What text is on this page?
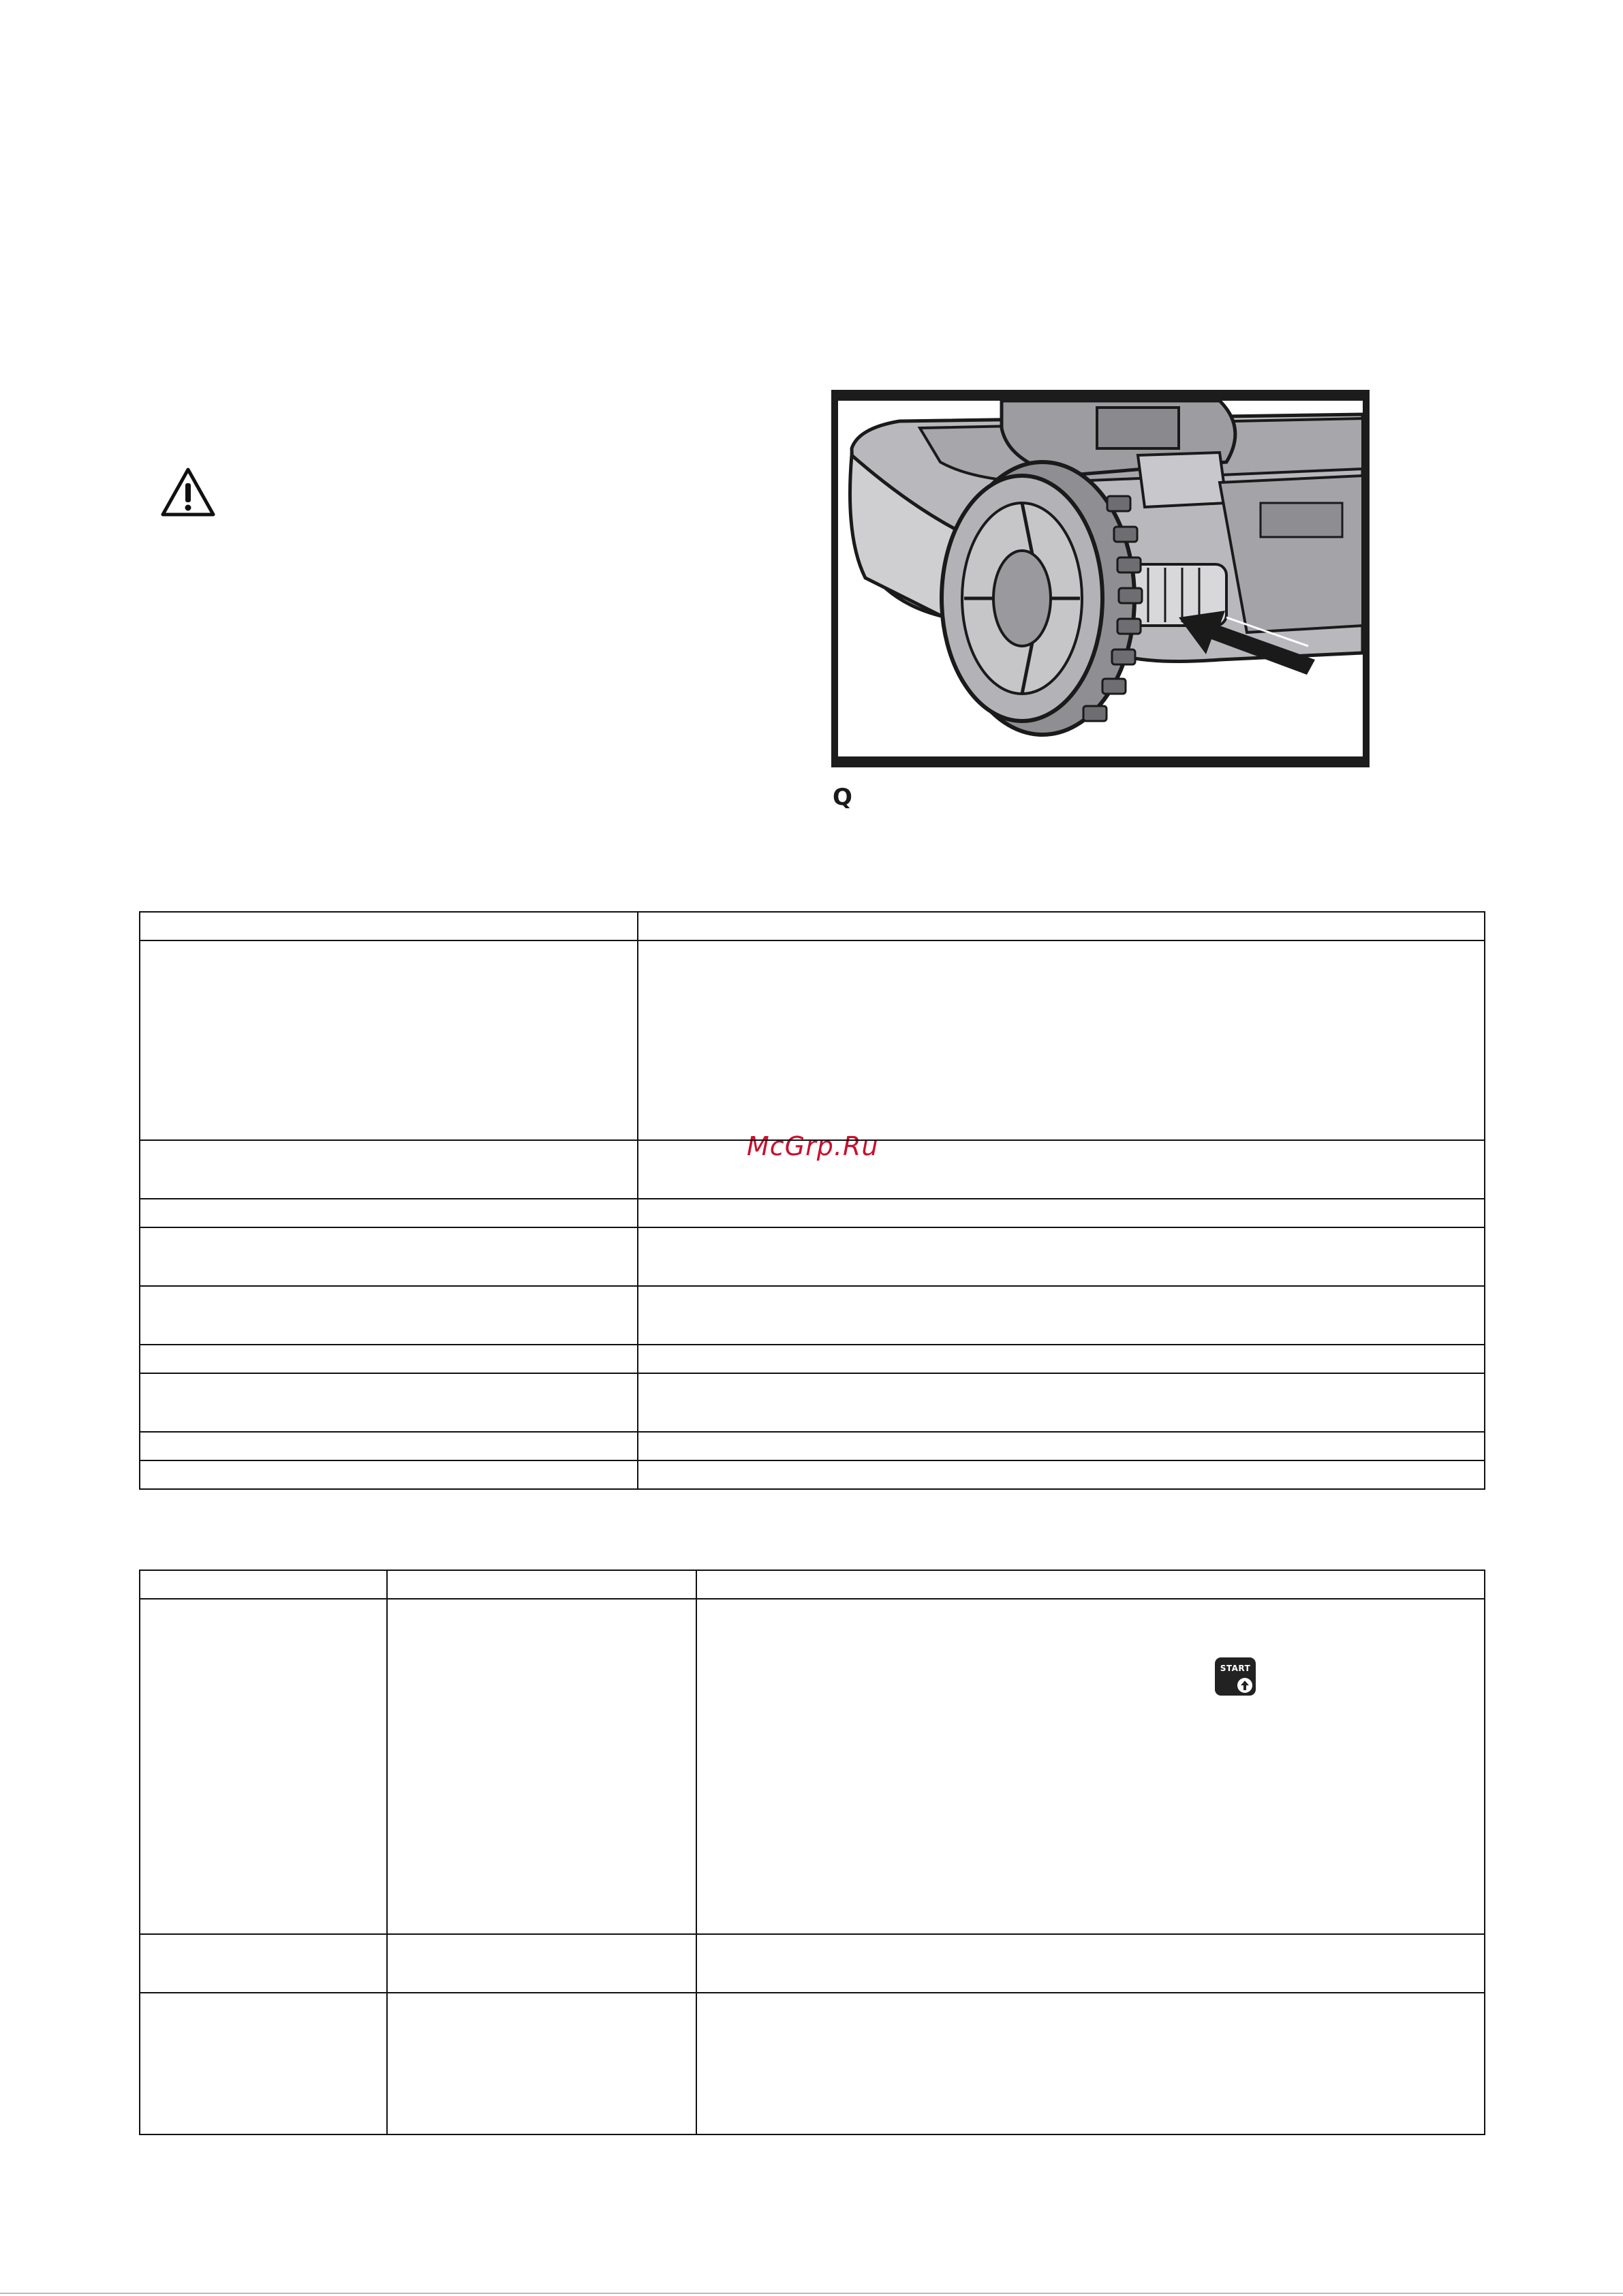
Q
McGrp.Ru

START
